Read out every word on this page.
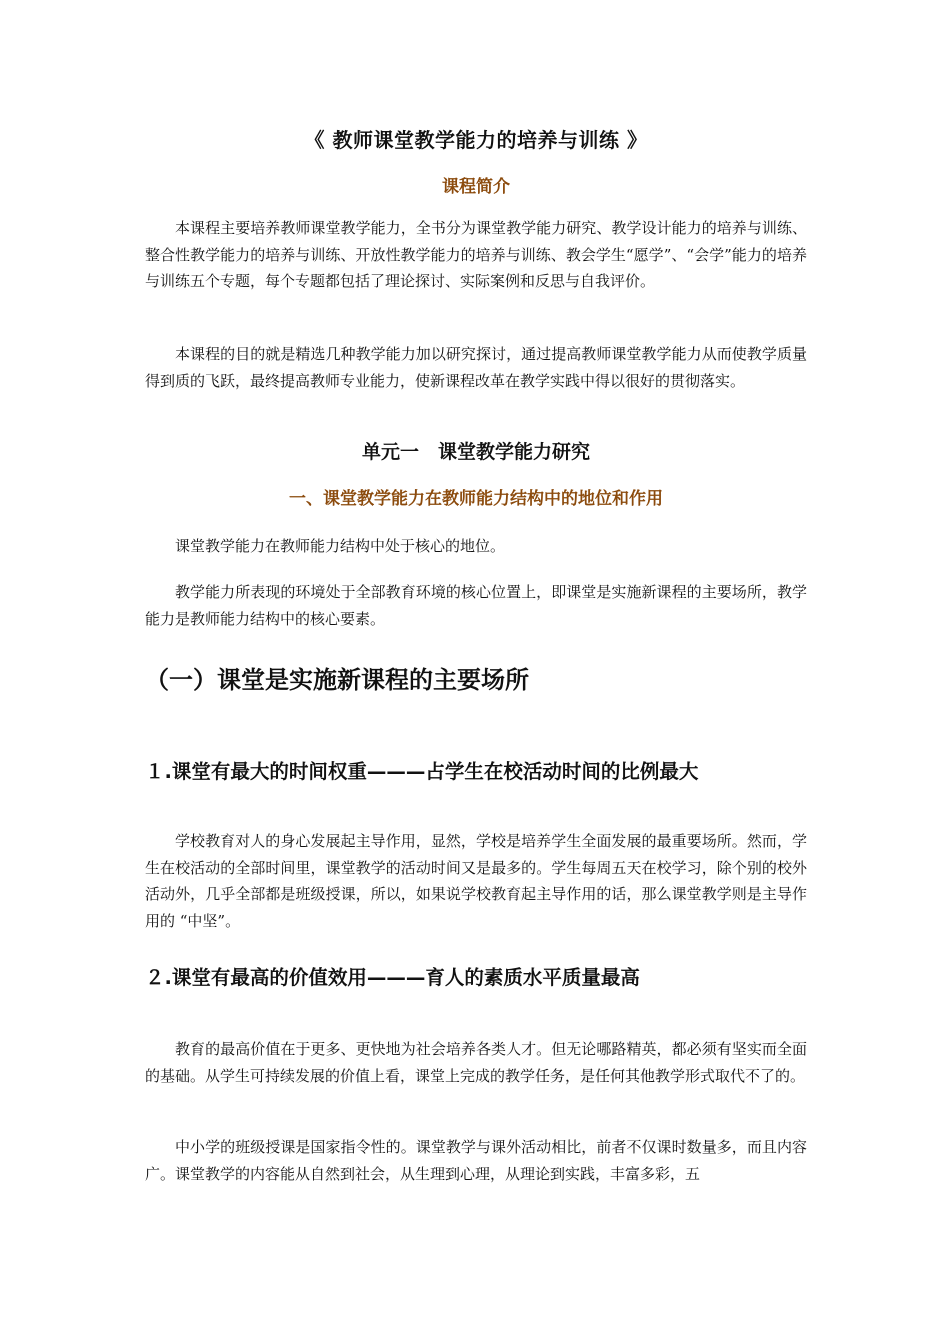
《 教师课堂教学能力的培养与训练 》
课程简介

本课程主要培养教师课堂教学能力，全书分为课堂教学能力研究、教学设计能力的培养与训练、整合性教学能力的培养与训练、开放性教学能力的培养与训练、教会学生“愿学”、“会学”能力的培养与训练五个专题，每个专题都包括了理论探讨、实际案例和反思与自我评价。

本课程的目的就是精选几种教学能力加以研究探讨，通过提高教师课堂教学能力从而使教学质量得到质的飞跃，最终提高教师专业能力，使新课程改革在教学实践中得以很好的贯彻落实。

单元一　课堂教学能力研究
一、课堂教学能力在教师能力结构中的地位和作用

课堂教学能力在教师能力结构中处于核心的地位。

教学能力所表现的环境处于全部教育环境的核心位置上，即课堂是实施新课程的主要场所，教学能力是教师能力结构中的核心要素。

（一）课堂是实施新课程的主要场所
１.课堂有最大的时间权重———占学生在校活动时间的比例最大

学校教育对人的身心发展起主导作用，显然，学校是培养学生全面发展的最重要场所。然而，学生在校活动的全部时间里，课堂教学的活动时间又是最多的。学生每周五天在校学习，除个别的校外活动外，几乎全部都是班级授课，所以，如果说学校教育起主导作用的话，那么课堂教学则是主导作用的 “中坚”。

２.课堂有最高的价值效用———育人的素质水平质量最高

教育的最高价值在于更多、更快地为社会培养各类人才。但无论哪路精英，都必须有坚实而全面的基础。从学生可持续发展的价值上看，课堂上完成的教学任务，是任何其他教学形式取代不了的。

中小学的班级授课是国家指令性的。课堂教学与课外活动相比，前者不仅课时数量多，而且内容广。课堂教学的内容能从自然到社会，从生理到心理，从理论到实践，丰富多彩，五
